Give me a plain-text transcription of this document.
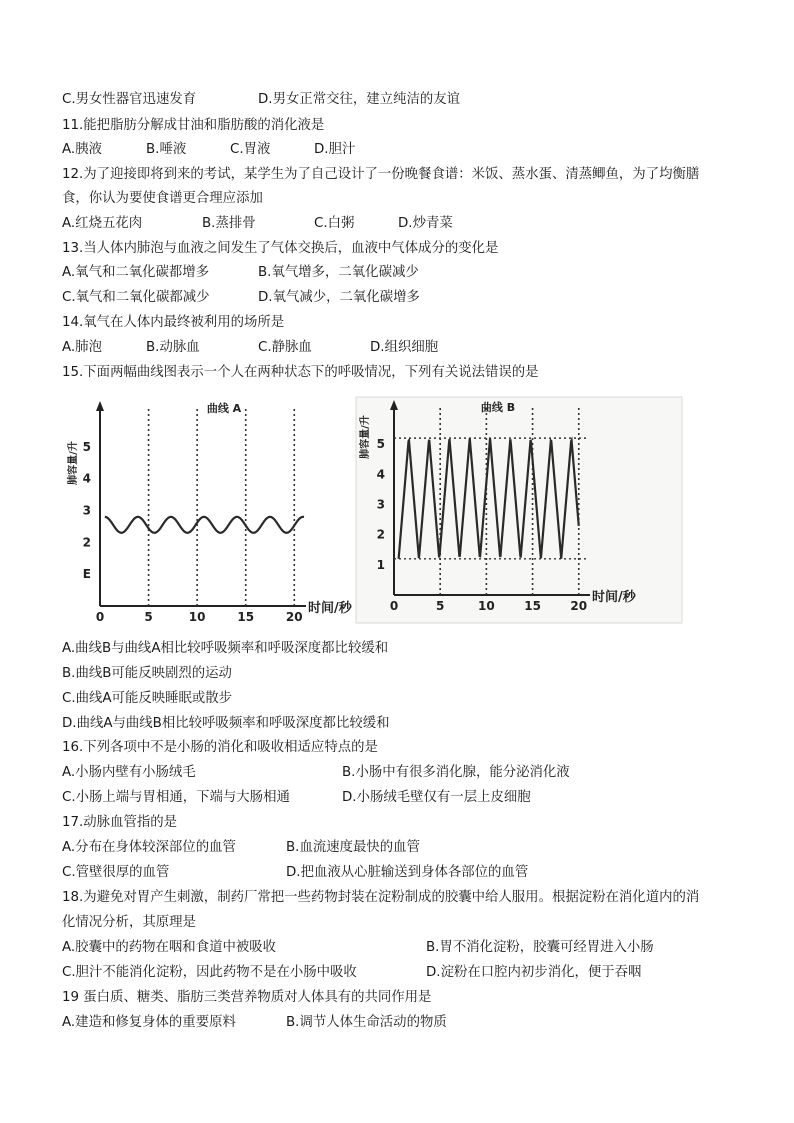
C.男女性器官迅速发育	D.男女正常交往，建立纯洁的友谊
11.能把脂肪分解成甘油和脂肪酸的消化液是
A.胰液	B.唾液	C.胃液	D.胆汁
12.为了迎接即将到来的考试，某学生为了自己设计了一份晚餐食谱：米饭、蒸水蛋、清蒸鲫鱼，为了均衡膳
食，你认为要使食谱更合理应添加
A.红烧五花肉	B.蒸排骨	C.白粥	D.炒青菜
13.当人体内肺泡与血液之间发生了气体交换后，血液中气体成分的变化是
A.氧气和二氧化碳都增多	B.氧气增多，二氧化碳减少
C.氧气和二氧化碳都减少	D.氧气减少，二氧化碳增多
14.氧气在人体内最终被利用的场所是
A.肺泡	B.动脉血	C.静脉血	D.组织细胞
15.下面两幅曲线图表示一个人在两种状态下的呼吸情况，下列有关说法错误的是
0	5	10	15	20
E
2
3
4
5
曲线 A
时间/秒
肺容量/升
0	5	10 15 20
1
2
3
4
5
曲线 B
时间/秒
肺容量/升
A.曲线B与曲线A相比较呼吸频率和呼吸深度都比较缓和
B.曲线B可能反映剧烈的运动
C.曲线A可能反映睡眠或散步
D.曲线A与曲线B相比较呼吸频率和呼吸深度都比较缓和
16.下列各项中不是小肠的消化和吸收相适应特点的是
A.小肠内壁有小肠绒毛	B.小肠中有很多消化腺，能分泌消化液
C.小肠上端与胃相通，下端与大肠相通	D.小肠绒毛壁仅有一层上皮细胞
17.动脉血管指的是
A.分布在身体较深部位的血管	B.血流速度最快的血管
C.管壁很厚的血管	D.把血液从心脏输送到身体各部位的血管
18.为避免对胃产生刺激，制药厂常把一些药物封装在淀粉制成的胶囊中给人服用。根据淀粉在消化道内的消
化情况分析，其原理是
A.胶囊中的药物在咽和食道中被吸收	B.胃不消化淀粉，胶囊可经胃进入小肠
C.胆汁不能消化淀粉，因此药物不是在小肠中吸收	D.淀粉在口腔内初步消化，便于吞咽
19 蛋白质、糖类、脂肪三类营养物质对人体具有的共同作用是
A.建造和修复身体的重要原料	B.调节人体生命活动的物质
